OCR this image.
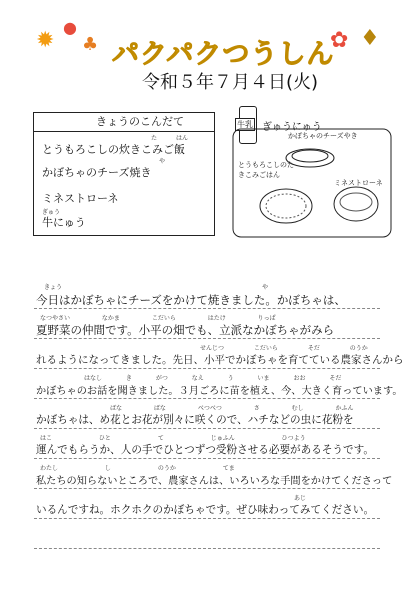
✹
●
♣ パクパクつうしん
✿ ♦
令和５年７月４日(火)
きょうのこんだて
とうもろこしの炊きこみご飯
かぼちゃのチーズ焼き
ミネストローネ
牛にゅう
た	はん
や
ぎゅう
牛乳 ぎゅうにゅう
かぼちゃのチーズやき
とうもろこしのたきこみごはん
ミネストローネ
今日はかぼちゃにチーズをかけて焼きました。かぼちゃは、
夏野菜の仲間です。小平の畑でも、立派なかぼちゃがみら
れるようになってきました。先日、小平でかぼちゃを育てている農家さんから
かぼちゃのお話を聞きました。３月ごろに苗を植え、今、大きく育っています。
かぼちゃは、め花とお花が別々に咲くので、ハチなどの虫に花粉を
運んでもらうか、人の手でひとつずつ受粉させる必要があるそうです。
私たちの知らないところで、農家さんは、いろいろな手間をかけてくださって
いるんですね。ホクホクのかぼちゃです。ぜひ味わってみてください。
きょう	や
なつやさい なかま こだいら はたけ りっぱ
せんじつ こだいら そだ のうか
はなし き がつ なえ う いま おお そだ
ばな ばな べつべつ さ むし かふん
はこ ひと て じゅふん ひつよう
わたし し のうか てま
あじ
